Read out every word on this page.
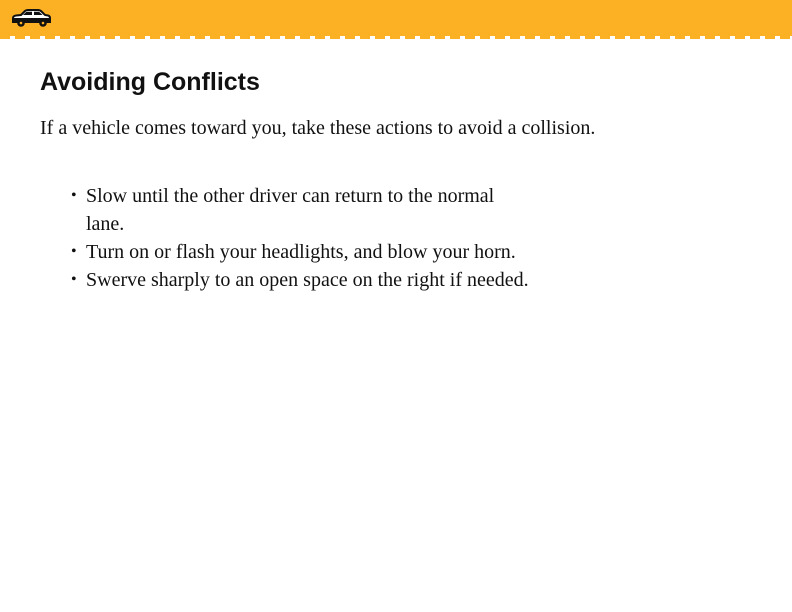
Avoiding Conflicts

If a vehicle comes toward you, take these actions to avoid a collision.

• Slow until the other driver can return to the normal lane.
• Turn on or flash your headlights, and blow your horn.
• Swerve sharply to an open space on the right if needed.
